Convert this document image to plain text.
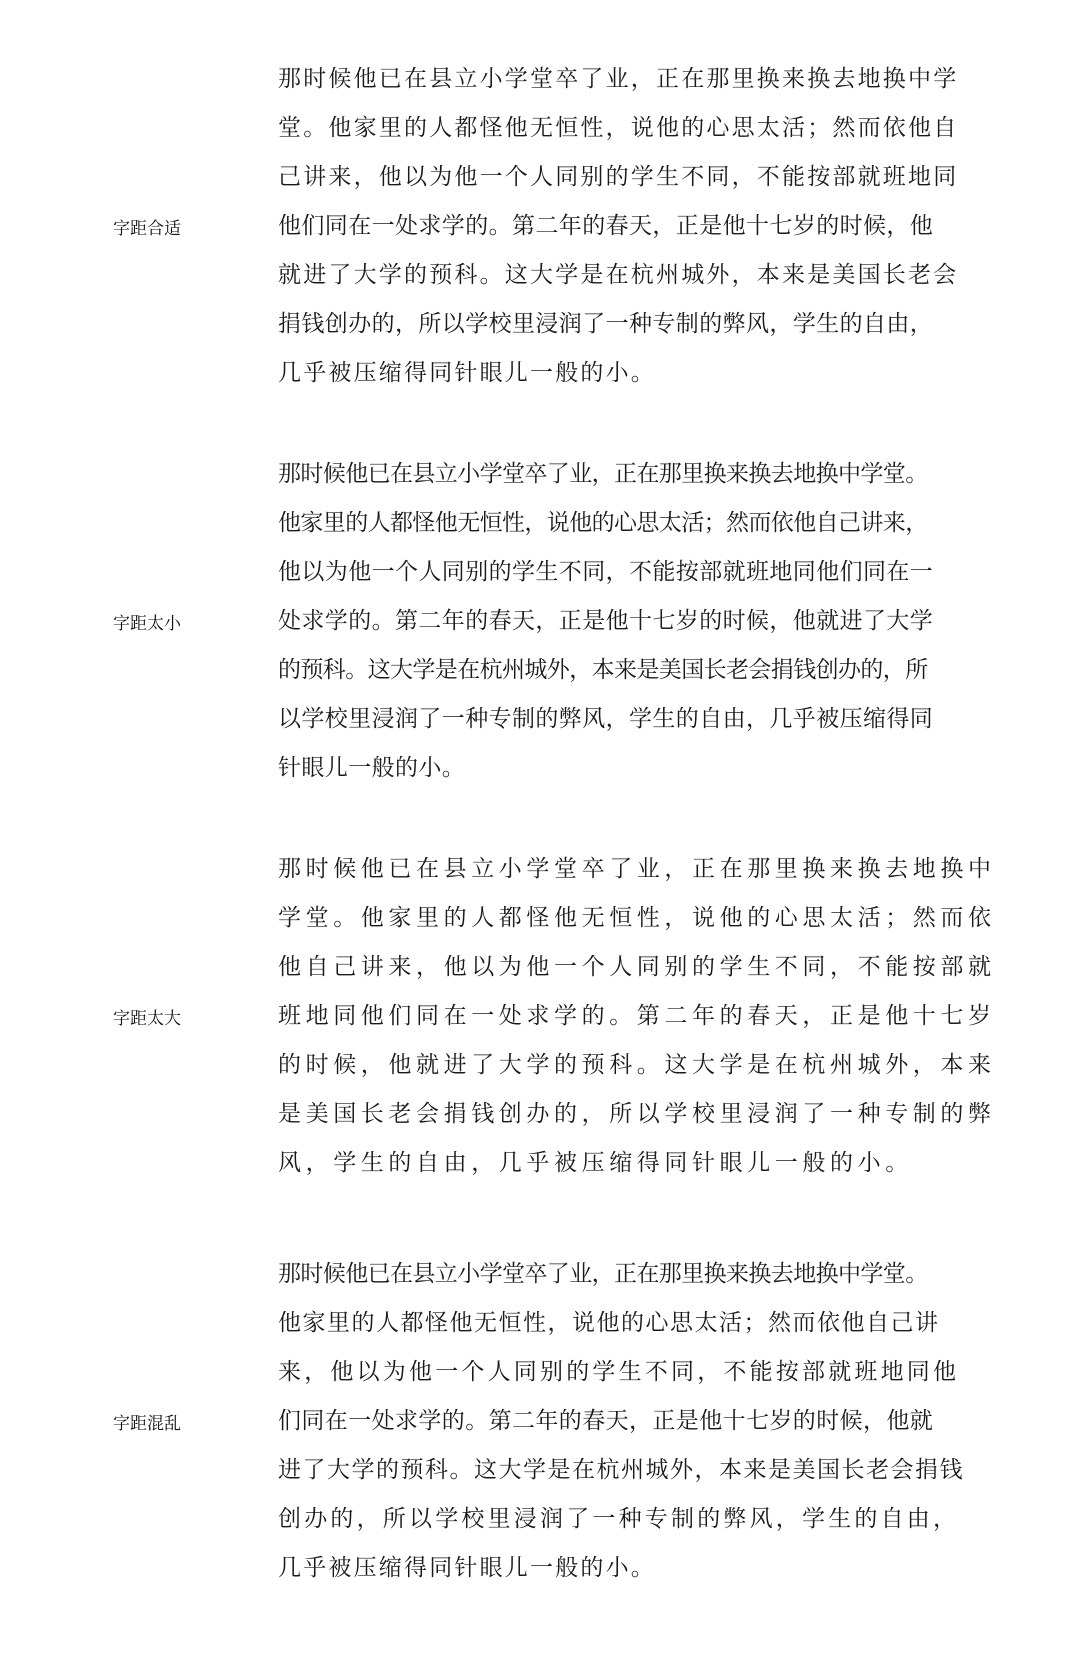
字距合适
那时候他已在县立小学堂卒了业，正在那里换来换去地换中学
堂。他家里的人都怪他无恒性，说他的心思太活；然而依他自
己讲来，他以为他一个人同别的学生不同，不能按部就班地同
他们同在一处求学的。第二年的春天，正是他十七岁的时候，他
就进了大学的预科。这大学是在杭州城外，本来是美国长老会
捐钱创办的，所以学校里浸润了一种专制的弊风，学生的自由，
几乎被压缩得同针眼儿一般的小。
字距太小
那时候他已在县立小学堂卒了业，正在那里换来换去地换中学堂。
他家里的人都怪他无恒性，说他的心思太活；然而依他自己讲来，
他以为他一个人同别的学生不同，不能按部就班地同他们同在一
处求学的。第二年的春天，正是他十七岁的时候，他就进了大学
的预科。这大学是在杭州城外，本来是美国长老会捐钱创办的，所
以学校里浸润了一种专制的弊风，学生的自由，几乎被压缩得同
针眼儿一般的小。
字距太大
那时候他已在县立小学堂卒了业，正在那里换来换去地换中
学堂。他家里的人都怪他无恒性，说他的心思太活；然而依
他自己讲来，他以为他一个人同别的学生不同，不能按部就
班地同他们同在一处求学的。第二年的春天，正是他十七岁
的时候，他就进了大学的预科。这大学是在杭州城外，本来
是美国长老会捐钱创办的，所以学校里浸润了一种专制的弊
风，学生的自由，几乎被压缩得同针眼儿一般的小。
字距混乱
那时候他已在县立小学堂卒了业，正在那里换来换去地换中学堂。
他家里的人都怪他无恒性，说他的心思太活；然而依他自己讲
来，他以为他一个人同别的学生不同，不能按部就班地同他
们同在一处求学的。第二年的春天，正是他十七岁的时候，他就
进了大学的预科。这大学是在杭州城外，本来是美国长老会捐钱
创办的，所以学校里浸润了一种专制的弊风，学生的自由，
几乎被压缩得同针眼儿一般的小。
